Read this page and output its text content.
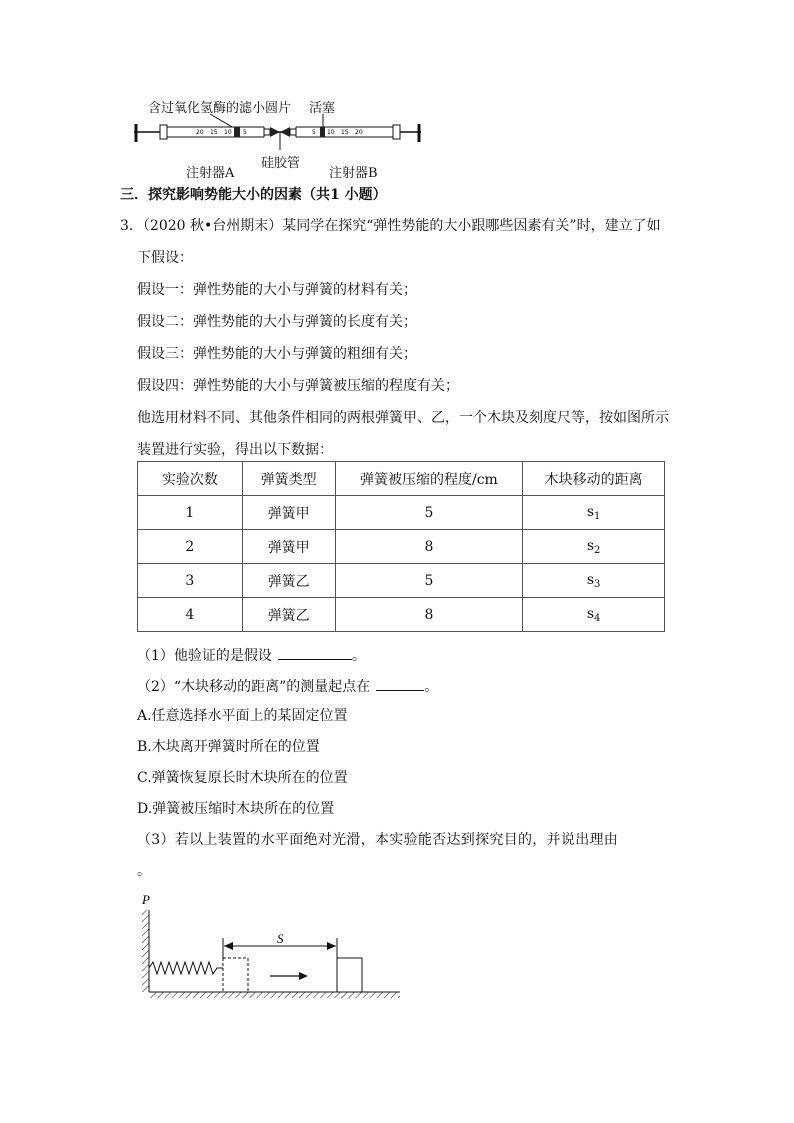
含过氧化氢酶的滤小圆片 活塞
20 15 10 5	5 10 15 20
注射器A
硅胶管
注射器B
三．探究影响势能大小的因素（共1 小题）
3．（2020 秋•台州期末）某同学在探究“弹性势能的大小跟哪些因素有关”时，建立了如
下假设：
假设一：弹性势能的大小与弹簧的材料有关；
假设二：弹性势能的大小与弹簧的长度有关；
假设三：弹性势能的大小与弹簧的粗细有关；
假设四：弹性势能的大小与弹簧被压缩的程度有关；
他选用材料不同、其他条件相同的两根弹簧甲、乙，一个木块及刻度尺等，按如图所示
装置进行实验，得出以下数据：
实验次数	弹簧类型	弹簧被压缩的程度/cm	木块移动的距离
1	弹簧甲	5	$s_1$
2	弹簧甲	8	$s_2$
3	弹簧乙	5	$s_3$
4	弹簧乙	8	$s_4$
（1）他验证的是假设	。
（2）“木块移动的距离”的测量起点在	。
A.任意选择水平面上的某固定位置
B.木块离开弹簧时所在的位置
C.弹簧恢复原长时木块所在的位置
D.弹簧被压缩时木块所在的位置
（3）若以上装置的水平面绝对光滑，本实验能否达到探究目的，并说出理由
。
P
S
